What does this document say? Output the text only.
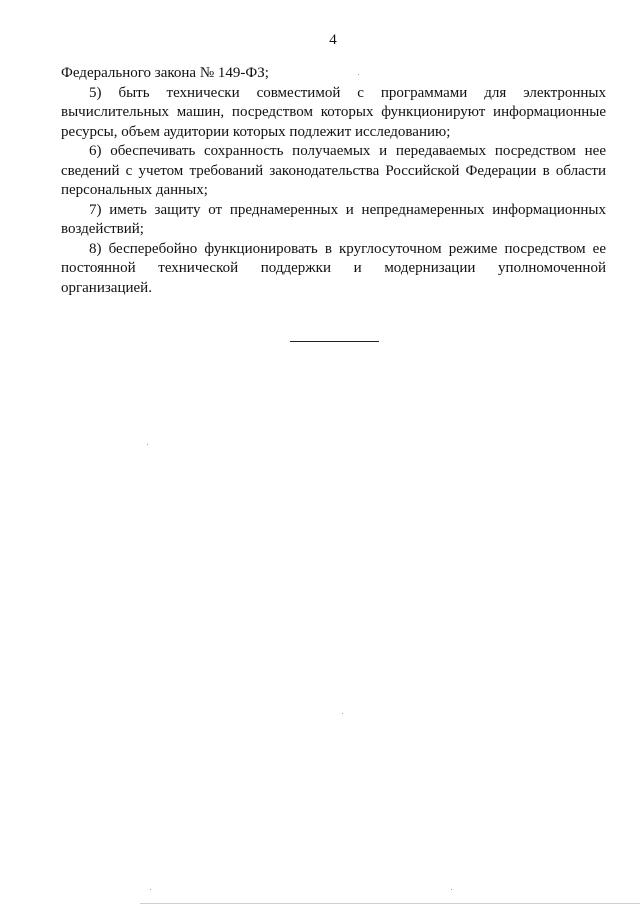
4

Федерального закона № 149-ФЗ;

5) быть технически совместимой с программами для электронных вычислительных машин, посредством которых функционируют информационные ресурсы, объем аудитории которых подлежит исследованию;

6) обеспечивать сохранность получаемых и передаваемых посредством нее сведений с учетом требований законодательства Российской Федерации в области персональных данных;

7) иметь защиту от преднамеренных и непреднамеренных информационных воздействий;

8) бесперебойно функционировать в круглосуточном режиме посредством ее постоянной технической поддержки и модернизации уполномоченной

организацией.
